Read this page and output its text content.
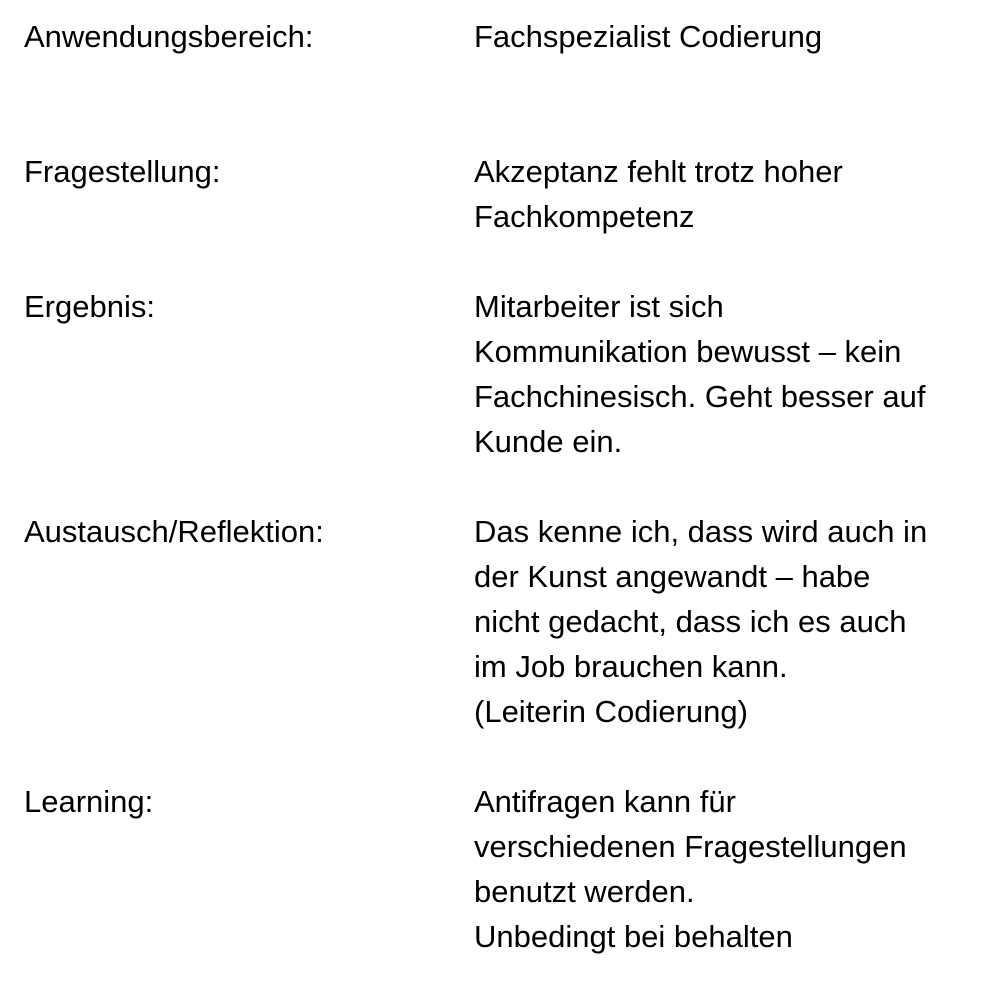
Anwendungsbereich:	Fachspezialist Codierung
Fragestellung:	Akzeptanz fehlt trotz hoher
Fachkompetenz
Ergebnis:	Mitarbeiter ist sich
Kommunikation bewusst – kein
Fachchinesisch. Geht besser auf
Kunde ein.
Austausch/Reflektion:	Das kenne ich, dass wird auch in
der Kunst angewandt – habe
nicht gedacht, dass ich es auch
im Job brauchen kann.
(Leiterin Codierung)
Learning:	Antifragen kann für
verschiedenen Fragestellungen
benutzt werden.
Unbedingt bei behalten
